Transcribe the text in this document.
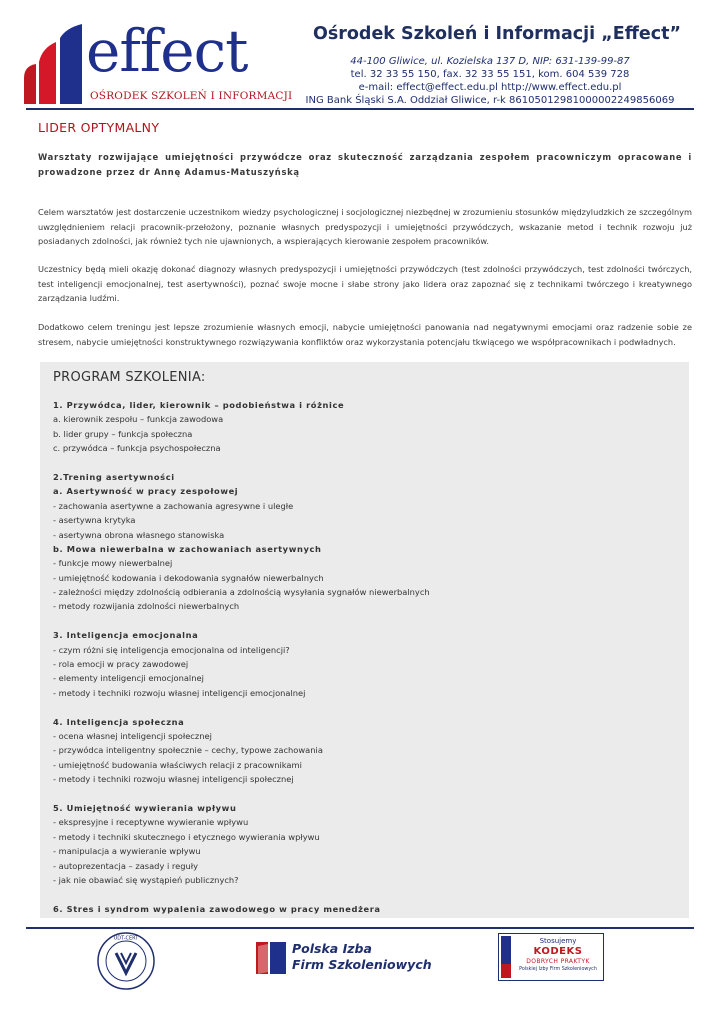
effect
OŚRODEK SZKOLEŃ I INFORMACJI
Ośrodek Szkoleń i Informacji „Effect”
44-100 Gliwice, ul. Kozielska 137 D, NIP: 631-139-99-87
tel. 32 33 55 150, fax. 32 33 55 151, kom. 604 539 728
e-mail: effect@effect.edu.pl http://www.effect.edu.pl
ING Bank Śląski S.A. Oddział Gliwice, r-k 86105012981000002249856069
LIDER OPTYMALNY
Warsztaty rozwijające umiejętności przywódcze oraz skuteczność zarządzania zespołem pracowniczym opracowane i prowadzone przez dr Annę Adamus-Matuszyńską

Celem warsztatów jest dostarczenie uczestnikom wiedzy psychologicznej i socjologicznej niezbędnej w zrozumieniu stosunków międzyludzkich ze szczególnym uwzględnieniem relacji pracownik-przełożony, poznanie własnych predyspozycji i umiejętności przywódczych, wskazanie metod i technik rozwoju już posiadanych zdolności, jak również tych nie ujawnionych, a wspierających kierowanie zespołem pracowników.

Uczestnicy będą mieli okazję dokonać diagnozy własnych predyspozycji i umiejętności przywódczych (test zdolności przywódczych, test zdolności twórczych, test inteligencji emocjonalnej, test asertywności), poznać swoje mocne i słabe strony jako lidera oraz zapoznać się z technikami twórczego i kreatywnego zarządzania ludźmi.

Dodatkowo celem treningu jest lepsze zrozumienie własnych emocji, nabycie umiejętności panowania nad negatywnymi emocjami oraz radzenie sobie ze stresem, nabycie umiejętności konstruktywnego rozwiązywania konfliktów oraz wykorzystania potencjału tkwiącego we współpracownikach i podwładnych.

PROGRAM SZKOLENIA:
1. Przywódca, lider, kierownik – podobieństwa i różnice
a. kierownik zespołu – funkcja zawodowa
b. lider grupy – funkcja społeczna
c. przywódca – funkcja psychospołeczna
2.Trening asertywności
a. Asertywność w pracy zespołowej
- zachowania asertywne a zachowania agresywne i uległe
- asertywna krytyka
- asertywna obrona własnego stanowiska
b. Mowa niewerbalna w zachowaniach asertywnych
- funkcje mowy niewerbalnej
- umiejętność kodowania i dekodowania sygnałów niewerbalnych
- zależności między zdolnością odbierania a zdolnością wysyłania sygnałów niewerbalnych
- metody rozwijania zdolności niewerbalnych
3. Inteligencja emocjonalna
- czym różni się inteligencja emocjonalna od inteligencji?
- rola emocji w pracy zawodowej
- elementy inteligencji emocjonalnej
- metody i techniki rozwoju własnej inteligencji emocjonalnej
4. Inteligencja społeczna
- ocena własnej inteligencji społecznej
- przywódca inteligentny społecznie – cechy, typowe zachowania
- umiejętność budowania właściwych relacji z pracownikami
- metody i techniki rozwoju własnej inteligencji społecznej
5. Umiejętność wywierania wpływu
- ekspresyjne i receptywne wywieranie wpływu
- metody i techniki skutecznego i etycznego wywierania wpływu
- manipulacja a wywieranie wpływu
- autoprezentacja – zasady i reguły
- jak nie obawiać się wystąpień publicznych?
6. Stres i syndrom wypalenia zawodowego w pracy menedżera
UDT-CERT
Polska Izba
Firm Szkoleniowych
Stosujemy
KODEKS
DOBRYCH PRAKTYK
Polskiej Izby Firm Szkoleniowych
